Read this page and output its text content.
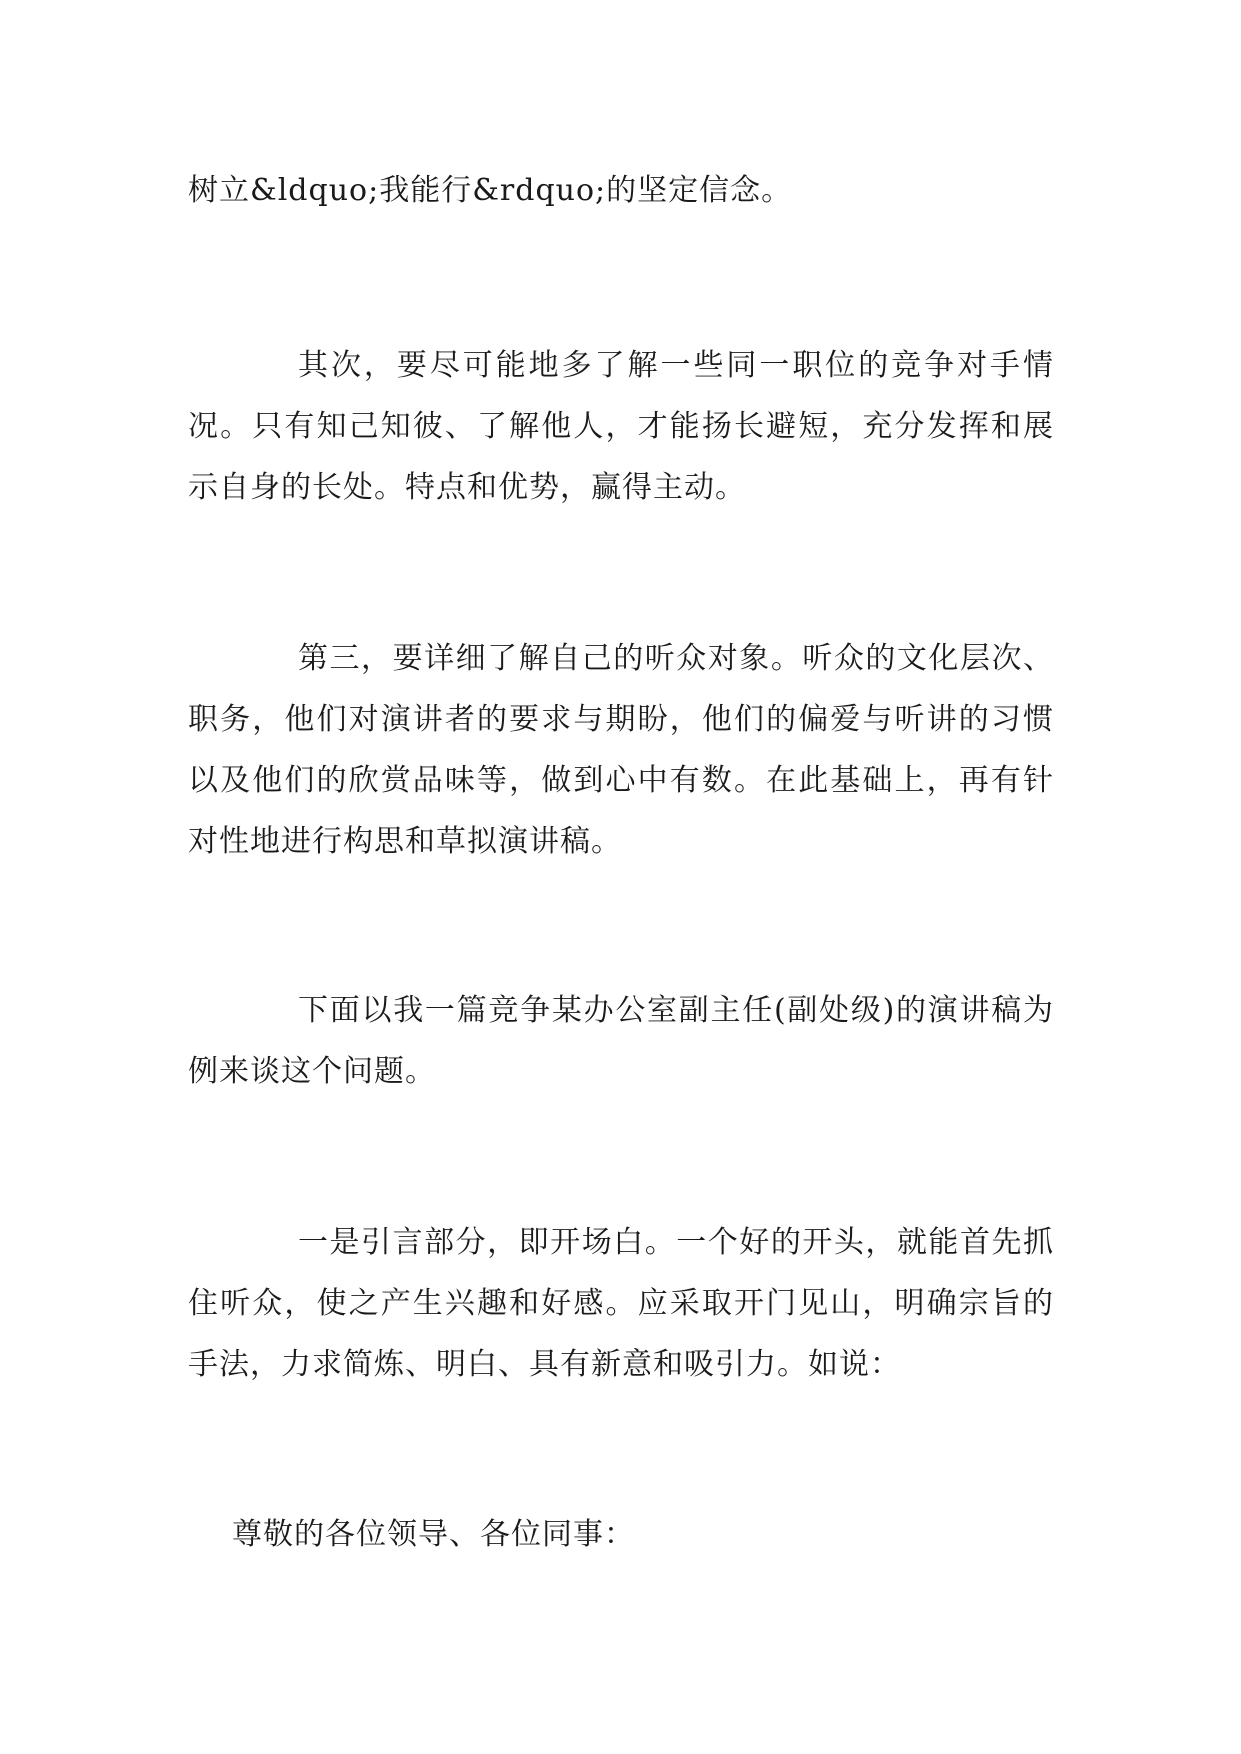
树立&ldquo;我能行&rdquo;的坚定信念。

其次，要尽可能地多了解一些同一职位的竞争对手情况。只有知己知彼、了解他人，才能扬长避短，充分发挥和展示自身的长处。特点和优势，赢得主动。

第三，要详细了解自己的听众对象。听众的文化层次、职务，他们对演讲者的要求与期盼，他们的偏爱与听讲的习惯以及他们的欣赏品味等，做到心中有数。在此基础上，再有针对性地进行构思和草拟演讲稿。

下面以我一篇竞争某办公室副主任(副处级)的演讲稿为例来谈这个问题。

一是引言部分，即开场白。一个好的开头，就能首先抓住听众，使之产生兴趣和好感。应采取开门见山，明确宗旨的手法，力求简炼、明白、具有新意和吸引力。如说：

尊敬的各位领导、各位同事：
